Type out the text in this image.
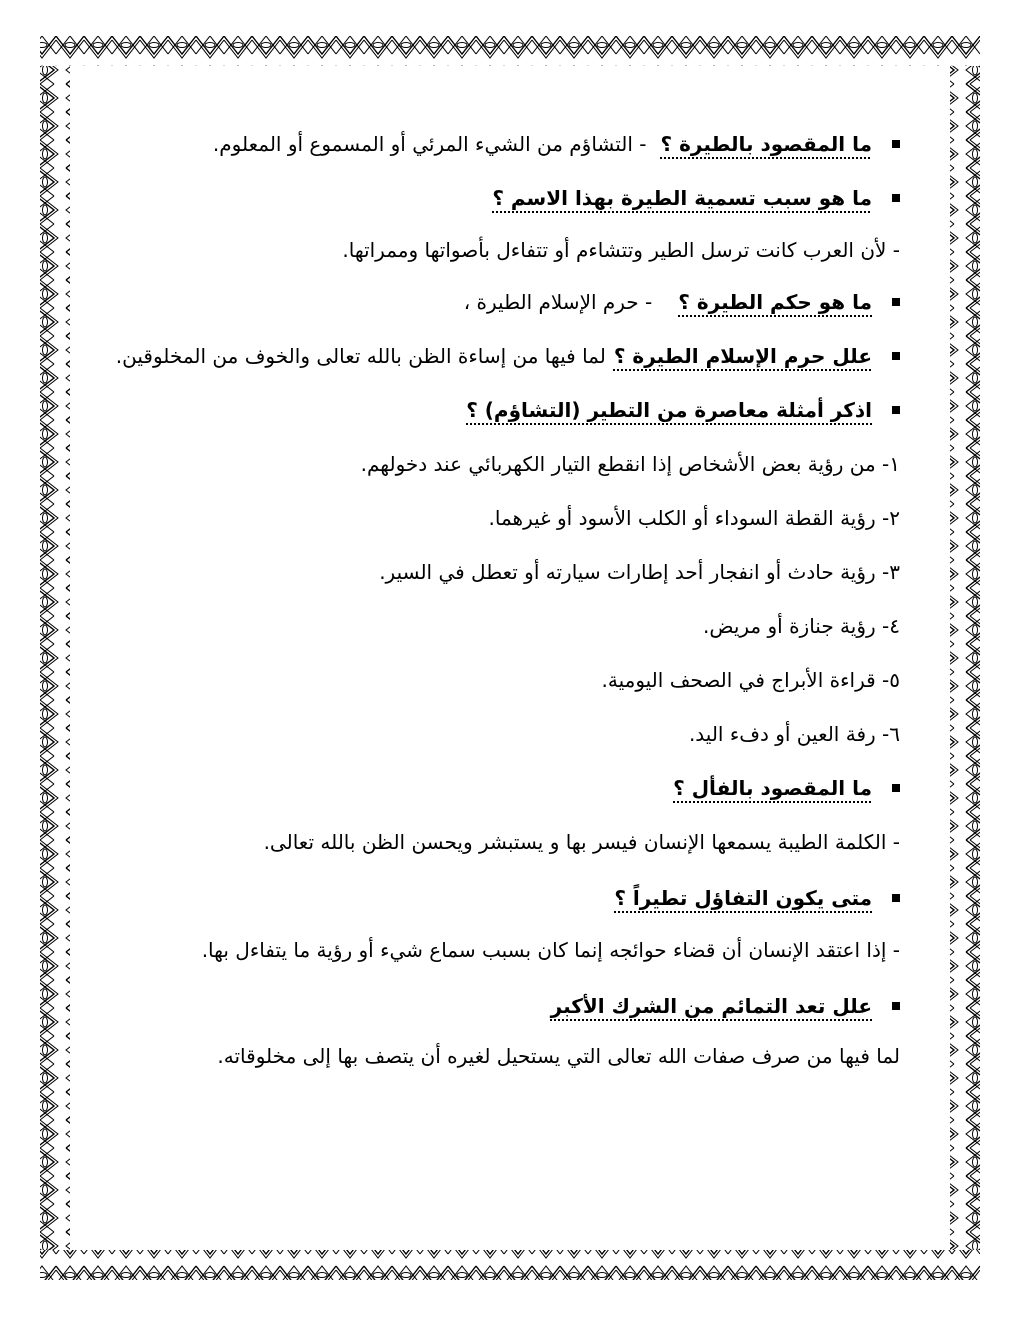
ما المقصود بالطيرة ؟- التشاؤم من الشيء المرئي أو المسموع أو المعلوم.
ما هو سبب تسمية الطيرة بهذا الاسم ؟
- لأن العرب كانت ترسل الطير وتتشاءم أو تتفاءل بأصواتها وممراتها.
ما هو حكم الطيرة ؟- حرم الإسلام الطيرة ،
علل حرم الإسلام الطيرة ؟لما فيها من إساءة الظن بالله تعالى والخوف من المخلوقين.
اذكر أمثلة معاصرة من التطير (التشاؤم) ؟
١- من رؤية بعض الأشخاص إذا انقطع التيار الكهربائي عند دخولهم.
٢- رؤية القطة السوداء أو الكلب الأسود أو غيرهما.
٣- رؤية حادث أو انفجار أحد إطارات سيارته أو تعطل في السير.
٤- رؤية جنازة أو مريض.
٥- قراءة الأبراج في الصحف اليومية.
٦- رفة العين أو دفء اليد.
ما المقصود بالفأل ؟
- الكلمة الطيبة يسمعها الإنسان فيسر بها و يستبشر ويحسن الظن بالله تعالى.
متى يكون التفاؤل تطيراً ؟
- إذا اعتقد الإنسان أن قضاء حوائجه إنما كان بسبب سماع شيء أو رؤية ما يتفاءل بها.
علل تعد التمائم من الشرك الأكبر
لما فيها من صرف صفات الله تعالى التي يستحيل لغيره أن يتصف بها إلى مخلوقاته.
